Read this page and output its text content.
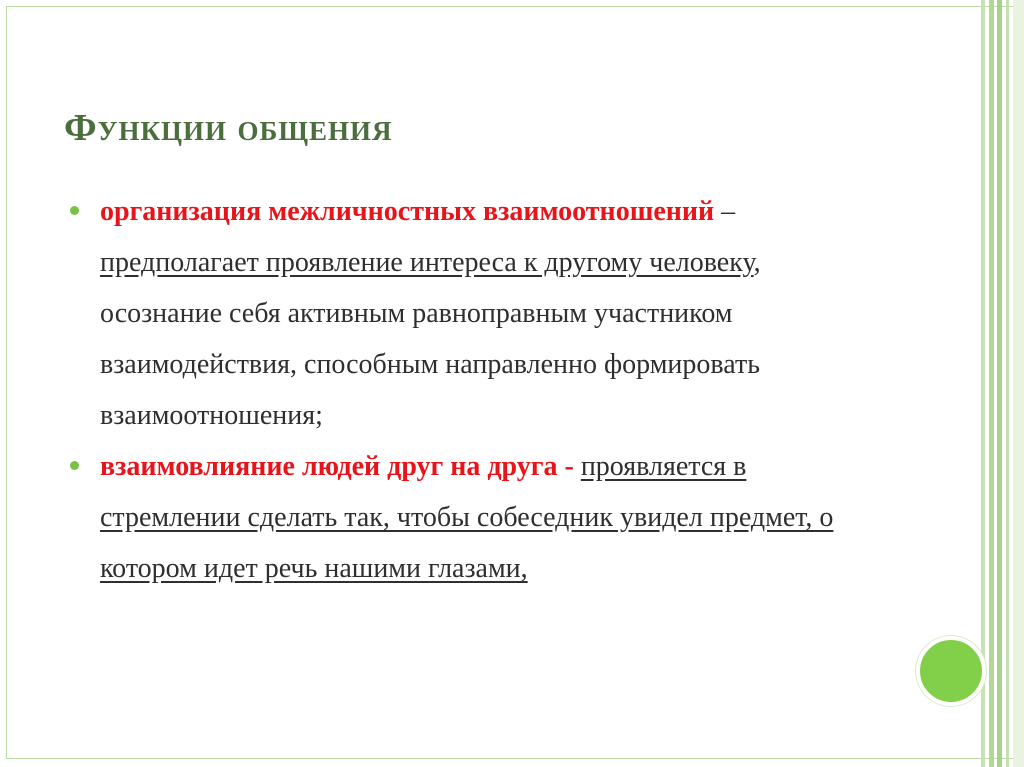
Функции общения
организация межличностных взаимоотношений – предполагает проявление интереса к другому человеку, осознание себя активным равноправным участником взаимодействия, способным направленно формировать взаимоотношения;
взаимовлияние людей друг на друга - проявляется в стремлении сделать так, чтобы собеседник увидел предмет, о котором идет речь нашими глазами,
